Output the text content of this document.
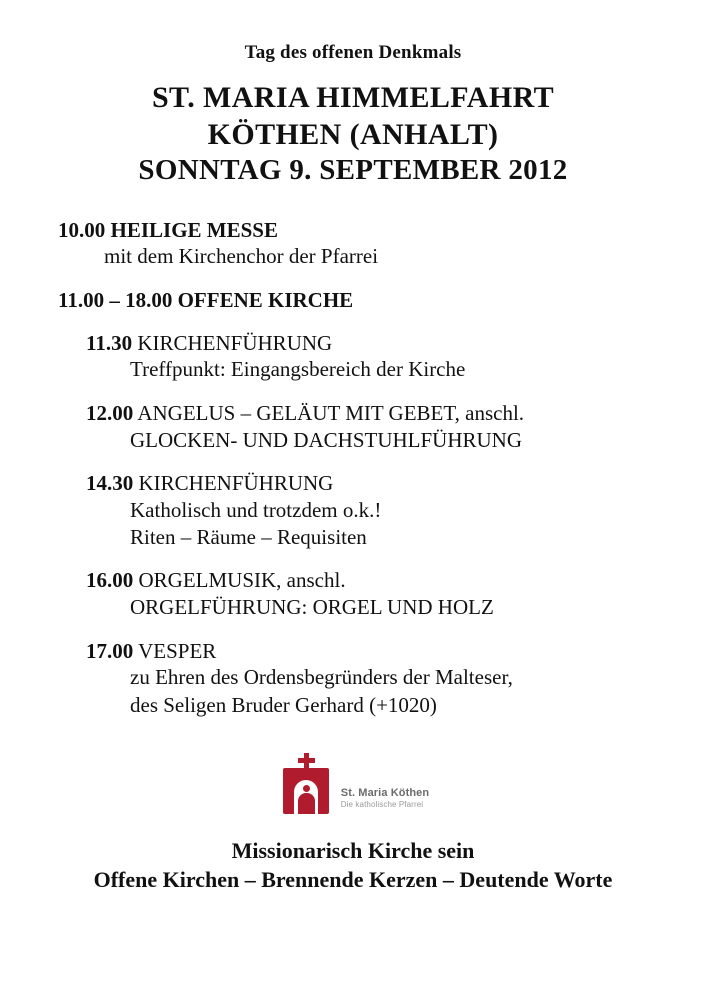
Tag des offenen Denkmals
ST. MARIA HIMMELFAHRT
KÖTHEN (ANHALT)
SONNTAG 9. SEPTEMBER 2012
10.00 HEILIGE MESSE
mit dem Kirchenchor der Pfarrei
11.00 – 18.00 OFFENE KIRCHE
11.30 KIRCHENFÜHRUNG
Treffpunkt: Eingangsbereich der Kirche
12.00 ANGELUS – GELÄUT MIT GEBET, anschl.
GLOCKEN- UND DACHSTUHLFÜHRUNG
14.30 KIRCHENFÜHRUNG
Katholisch und trotzdem o.k.!
Riten – Räume – Requisiten
16.00 ORGELMUSIK, anschl.
ORGELFÜHRUNG: ORGEL UND HOLZ
17.00 VESPER
zu Ehren des Ordensbegründers der Malteser,
des Seligen Bruder Gerhard (+1020)
St. Maria Köthen
Die katholische Pfarrei
Missionarisch Kirche sein
Offene Kirchen – Brennende Kerzen – Deutende Worte
